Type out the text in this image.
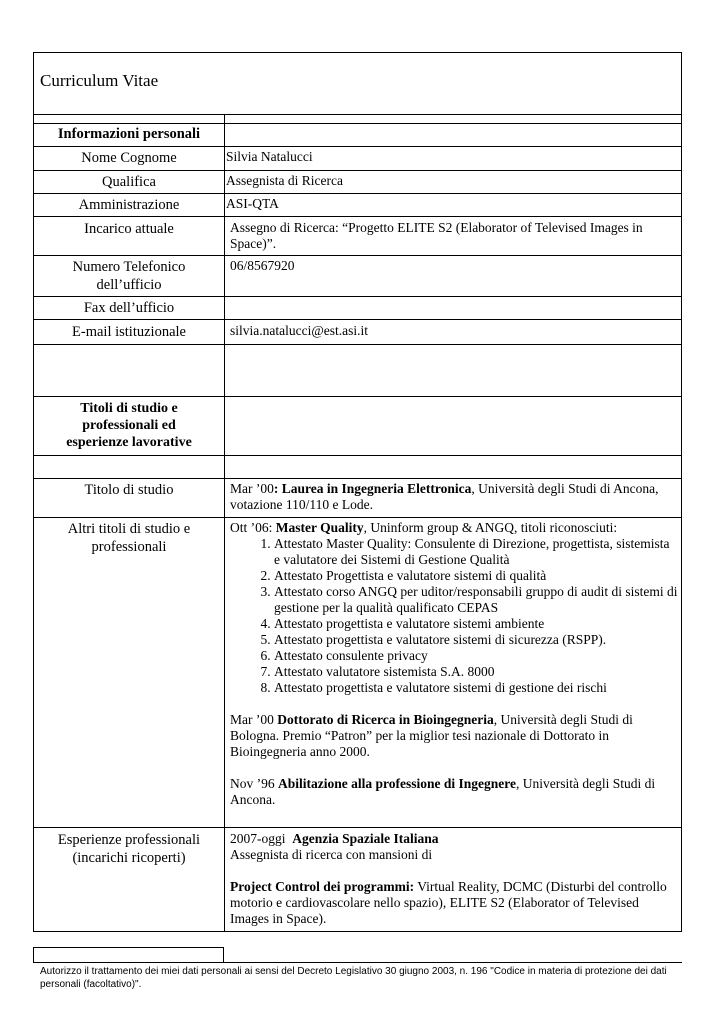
Curriculum Vitae
Informazioni personali
Nome Cognome
Qualifica
Amministrazione
Incarico attuale
Numero Telefonico dell’ufficio
Fax dell’ufficio
E-mail istituzionale
Titoli di studio e professionali ed esperienze lavorative
Titolo di studio
Altri titoli di studio e professionali
Esperienze professionali (incarichi ricoperti)
Silvia Natalucci
Assegnista di Ricerca
ASI-QTA
Assegno di Ricerca: “Progetto ELITE S2 (Elaborator of Televised Images in Space)”.
06/8567920
silvia.natalucci@est.asi.it
Mar ’00: Laurea in Ingegneria Elettronica, Università degli Studi di Ancona, votazione 110/110 e Lode.

Ott ’06: Master Quality, Uninform group & ANGQ, titoli riconosciuti:

1. Attestato Master Quality: Consulente di Direzione, progettista, sistemista e valutatore dei Sistemi di Gestione Qualità
2. Attestato Progettista e valutatore sistemi di qualità
3. Attestato corso ANGQ per uditor/responsabili gruppo di audit di sistemi di gestione per la qualità qualificato CEPAS
4. Attestato progettista e valutatore sistemi ambiente
5. Attestato progettista e valutatore sistemi di sicurezza (RSPP).
6. Attestato consulente privacy
7. Attestato valutatore sistemista S.A. 8000
8. Attestato progettista e valutatore sistemi di gestione dei rischi

Mar ’00 Dottorato di Ricerca in Bioingegneria, Università degli Studi di Bologna. Premio “Patron” per la miglior tesi nazionale di Dottorato in Bioingegneria anno 2000.

Nov ’96 Abilitazione alla professione di Ingegnere, Università degli Studi di Ancona.

2007-oggi  Agenzia Spaziale Italiana

Assegnista di ricerca con mansioni di

Project Control dei programmi: Virtual Reality, DCMC (Disturbi del controllo motorio e cardiovascolare nello spazio), ELITE S2 (Elaborator of Televised Images in Space).

Autorizzo il trattamento dei miei dati personali ai sensi del Decreto Legislativo 30 giugno 2003, n. 196 "Codice in materia di protezione dei dati personali (facoltativo)".
